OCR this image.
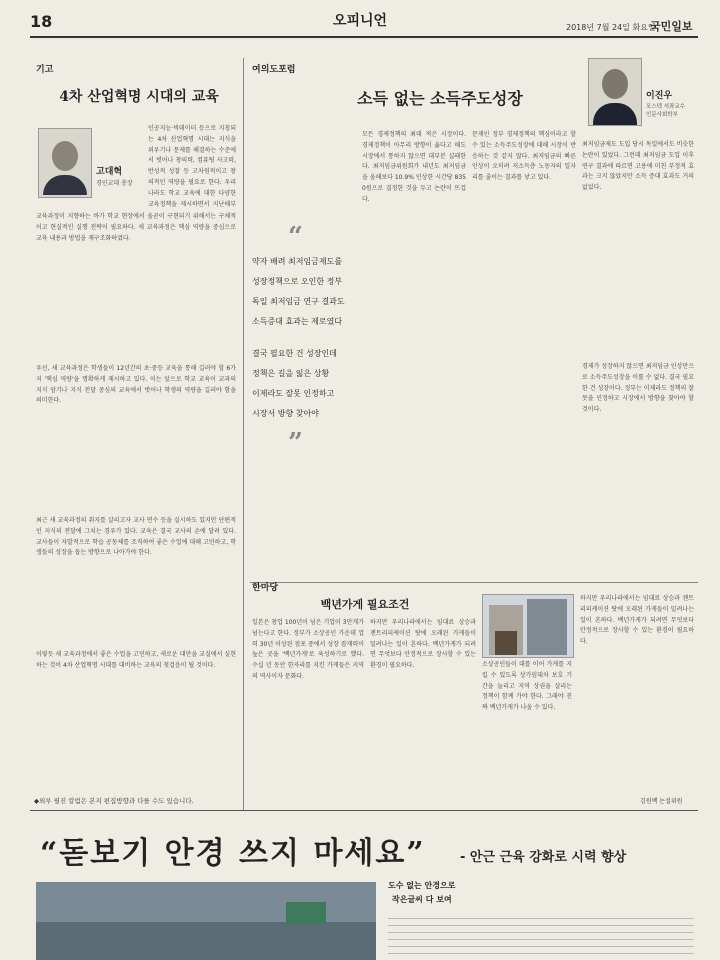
18	오피니언	2018년 7월 24일 화요일
국민일보
기고
4차 산업혁명 시대의 교육
고대혁
경인교대 총장
인공지능·빅데이터 등으로 지칭되는 4차 산업혁명 시대는 지식을 외우기나 문제를 해결하는 수준에서 벗어나 창의력, 컴퓨팅 사고력, 반성적 성찰 등 고차원적이고 창의적인 역량을 필요로 한다. 우리나라도 학교 교육에 대한 다양한 교육정책을 제시하면서 지난해부
교육과정이 지향하는 바가 학교 현장에서 올곧이 구현되기 위해서는 구체적이고 현실적인 실행 전략이 필요하다. 새 교육과정은 핵심 역량을 중심으로 교육 내용과 방법을 재구조화하였다.
우선, 새 교육과정은 학생들이 12년간의 초·중등 교육을 통해 길러야 할 6가지 '핵심 역량'을 명확하게 제시하고 있다. 이는 앞으로 학교 교육이 교과의 지식 암기나 지식 전달 중심의 교육에서 벗어나 학생의 역량을 길러야 함을 의미한다.
최근 새 교육과정의 취지를 살리고자 교사 연수 등을 실시하도 있지만 단편적인 지식의 전달에 그치는 경우가 있다. 교육은 결국 교사의 손에 달려 있다. 교사들이 자발적으로 학습 공동체를 조직하여 좋은 수업에 대해 고민하고, 학생들의 성장을 돕는 방향으로 나아가야 한다.
이렇듯 새 교육과정에서 좋은 수업을 고민하고, 새로운 대안을 교실에서 실현하는 것이 4차 산업혁명 시대를 대비하는 교육의 첫걸음이 될 것이다.
◆외부 필진 칼럼은 본지 편집방향과 다를 수도 있습니다.
여의도포럼
소득 없는 소득주도성장	이진우
포스텍 석좌교수
인문사회학부
“
약자 배려 최저임금제도를
성장정책으로 오인한 정부
독일 최저임금 연구 결과도
소득증대 효과는 제로였다
결국 필요한 건 성장인데
정책은 길을 잃은 상황
이제라도 잘못 인정하고
시장서 방향 찾아야
”
모든 경제정책의 최대 적은 시장이다. 경제정책이 아무리 방향이 옳다고 해도 시장에서 통하지 않으면 대부분 실패한다. 최저임금위원회가 내년도 최저임금을 올해보다 10.9% 인상한 시간당 8350원으로 결정한 것을 두고 논란이 뜨겁다.
문재인 정부 경제정책의 핵심이라고 할 수 있는 소득주도성장에 대해 시장이 반응하는 것 같지 않다. 최저임금의 빠른 인상이 오히려 저소득층 노동자의 일자리를 줄이는 결과를 낳고 있다.
최저임금제도 도입 당시 독일에서도 비슷한 논란이 있었다. 그런데 최저임금 도입 이후 연구 결과에 따르면 고용에 미친 부정적 효과는 크지 않았지만 소득 증대 효과도 거의 없었다.
경제가 성장하지 않으면 최저임금 인상만으로 소득주도성장을 이룰 수 없다. 결국 필요한 건 성장이다. 정부는 이제라도 정책의 잘못을 인정하고 시장에서 방향을 찾아야 할 것이다.
한마당
백년가게 필요조건
일본은 창업 100년이 넘은 기업이 3만개가 넘는다고 한다. 정부가 소상공인 가운데 업력 30년 이상된 점포 중에서 성장 잠재력이 높은 곳을 '백년가게'로 육성하기로 했다. 수십 년 동안 한자리를 지킨 가게들은 지역의 역사이자 문화다.
하지만 우리나라에서는 임대료 상승과 젠트리피케이션 탓에 오래된 가게들이 밀려나는 일이 흔하다. 백년가게가 되려면 무엇보다 안정적으로 장사할 수 있는 환경이 필요하다.	소상공인들이 대를 이어 가게를 지킬 수 있도록 상가임대차 보호 기간을 늘리고 지역 상권을 살리는 정책이 함께 가야 한다. 그래야 진짜 백년가게가 나올 수 있다.
하지만 우리나라에서는 임대료 상승과 젠트리피케이션 탓에 오래된 가게들이 밀려나는 일이 흔하다. 백년가게가 되려면 무엇보다 안정적으로 장사할 수 있는 환경이 필요하다.
김원백 논설위원
“돋보기 안경 쓰지 마세요”	- 안근 근육 강화로 시력 향상
도수 없는 안경으로
작은글씨 다 보여
